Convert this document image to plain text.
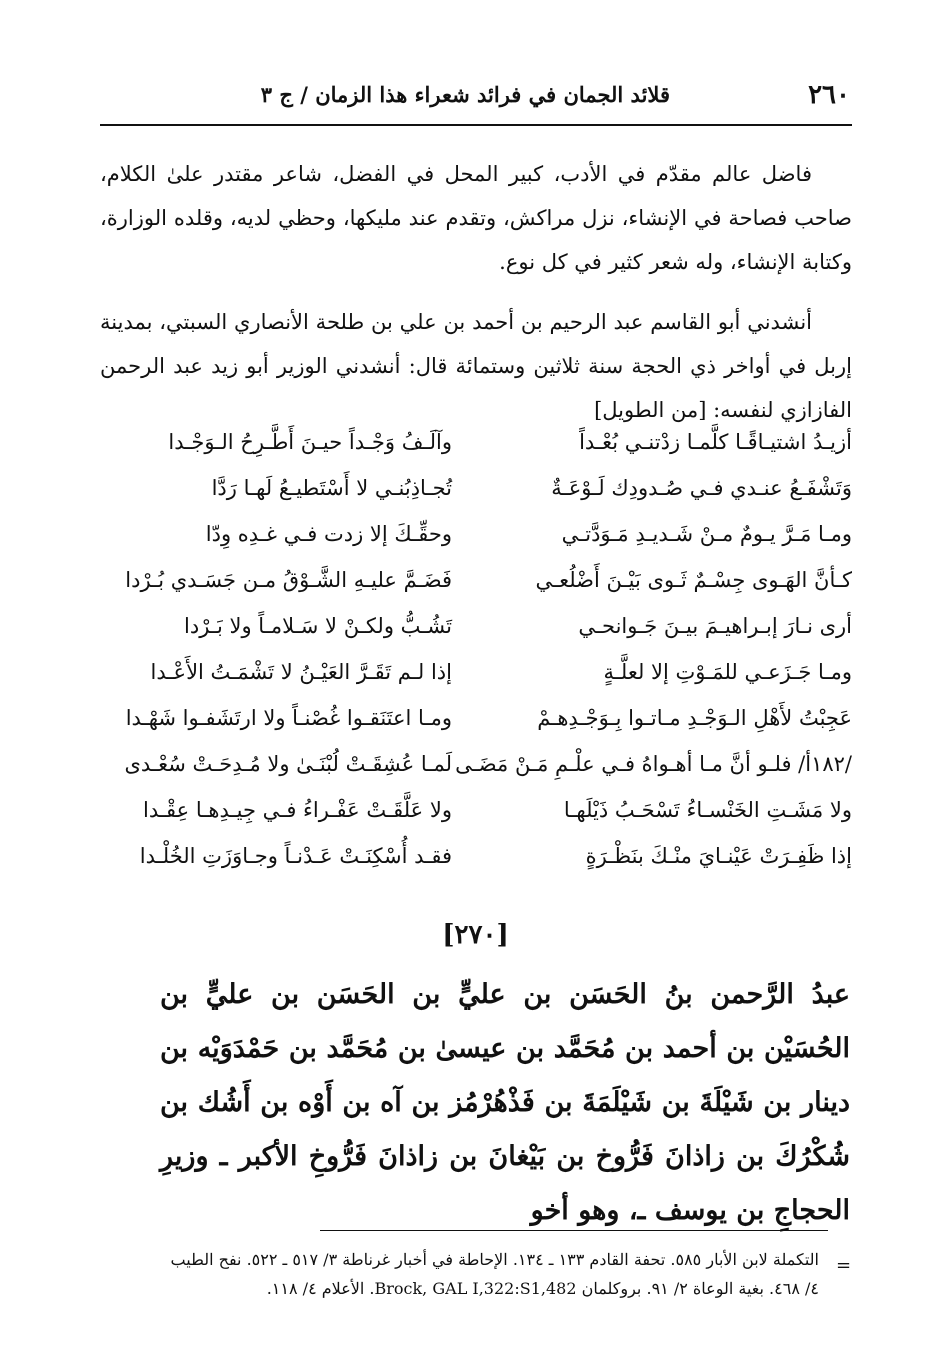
٢٦٠
قلائد الجمان في فرائد شعراء هذا الزمان / ج ٣

فاضل عالم مقدّم في الأدب، كبير المحل في الفضل، شاعر مقتدر علىٰ الكلام، صاحب فصاحة في الإنشاء، نزل مراكش، وتقدم عند مليكها، وحظي لديه، وقلده الوزارة، وكتابة الإنشاء، وله شعر كثير في كل نوع.

أنشدني أبو القاسم عبد الرحيم بن أحمد بن علي بن طلحة الأنصاري السبتي، بمدينة إربل في أواخر ذي الحجة سنة ثلاثين وستمائة قال: أنشدني الوزير أبو زيد عبد الرحمن الفازازي لنفسه: [من الطويل]

أزيـدُ اشتيـاقًـا كلَّمـا زدْتنـي بُعْـداً
وآلَـفُ وَجْـداً حيـنَ أَطَّـرِحُ الـوَجْـدا
وَتَشْفَـعُ عنـدي فـي صُـدودِك لَـوْعَـةٌ
تُجـاذِبُنـي لا أَسْتَطيـعُ لَهـا رَدَّا
ومـا مَـرَّ يـومٌ مـنْ شَـديـدِ مَـوَدَّتـي
وحقِّـكَ إلا زدت فـي غـدِه وِدّا
كـأنَّ الهَـوى جِسْـمٌ ثَـوى بَيْـنَ أَضْلُعـي
فَضَـمَّ عليـهِ الشَّـوْقُ مـن جَسَـدي بُـرْدا
أرى نـارَ إبـراهيـمَ بيـنَ جَـوانحـي
تَشُـبُّ ولكـنْ لا سَـلامـاً ولا بَـرْدا
ومـا جَـزَعـي للمَـوْتِ إلا لعلَّـةٍ
إذا لـم تَقَـرَّ العَيْـنُ لا تَشْمَـتُ الأَعْـدا
عَجِبْتُ لأَهْلِ الـوَجْـدِ مـاتـوا بِـوَجْـدِهـمْ
ومـا اعتَنَقـوا غُصْنـاً ولا ارتَشَفـوا شَهْـدا
/١٨٢أ/ فلـو أنَّ مـا أهـواهُ فـي علْـمِ مَـنْ مَضَـى
لَمـا عُشِقَـتْ لُبْنَـىٰ ولا مُـدِحَـتْ سُعْـدى
ولا مَشَـتِ الخَنْسـاءُ تَسْحَـبُ ذَيْلَهـا
ولا عَلَّقَـتْ عَفْـراءُ فـي جِيـدِهـا عِقْـدا
إذا ظَفِـرَتْ عَيْنـايَ منْـكَ بنَظْـرَةٍ
فقـد أُسْكِنَـتْ عَـدْنـاً وجـاوَزَتِ الخُلْـدا
[٢٧٠]
عبدُ الرَّحمن بنُ الحَسَن بن عليٍّ بن الحَسَن بن عليٍّ بن الحُسَيْن بن أحمد بن مُحَمَّد بن عيسىٰ بن مُحَمَّد بن حَمْدَوَيْه بن دينار بن شَيْلَةَ بن شَيْلَمَةَ بن فَذْهُرْمُز بن آه بن أَوْه بن أَشُك بن شُكْرُكَ بن زاذانَ فَرُّوخ بن بَيْغانَ بن زاذانَ فَرُّوخِ الأكبر ـ وزيرِ الحجاجِ بن يوسف ـ، وهو أخو
=
التكملة لابن الأبار ٥٨٥. تحفة القادم ١٣٣ ـ ١٣٤. الإحاطة في أخبار غرناطة ٣/ ٥١٧ ـ ٥٢٢. نفح الطيب
٤/ ٤٦٨. بغية الوعاة ٢/ ٩١. بروكلمان Brock, GAL I,322:S1,482. الأعلام ٤/ ١١٨.
